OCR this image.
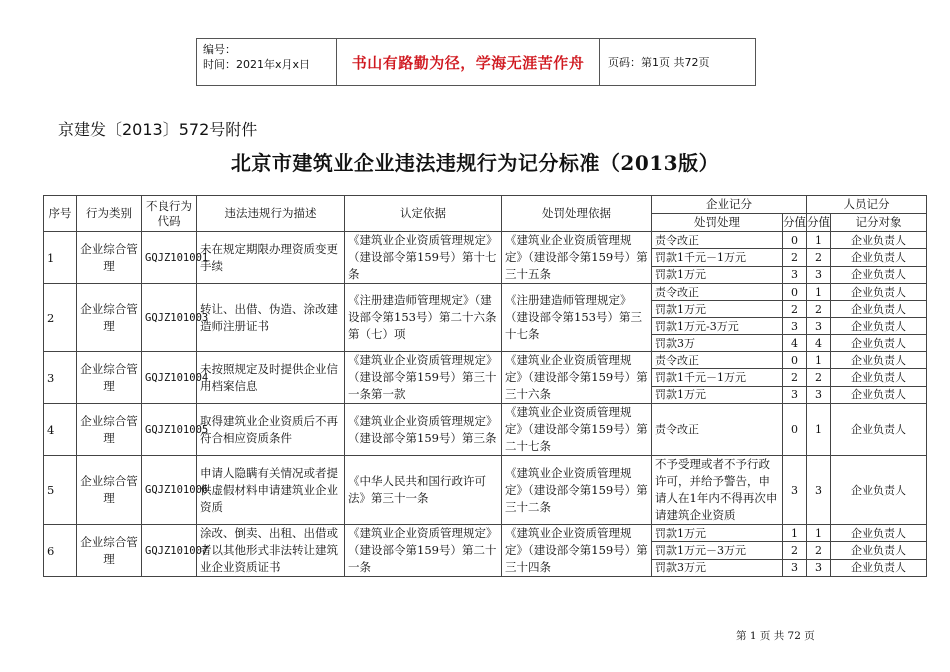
编号：
时间：2021年x月x日	书山有路勤为径，学海无涯苦作舟	页码：第1页 共72页
京建发〔2013〕572号附件
北京市建筑业企业违法违规行为记分标准（2013版）
序号	行为类别	不良行为代码	违法违规行为描述	认定依据	处罚处理依据	企业记分		人员记分	
						处罚处理	分值	分值	记分对象
1	企业综合管理	GQJZ101001	未在规定期限办理资质变更手续	《建筑业企业资质管理规定》（建设部令第159号）第十七条	《建筑业企业资质管理规定》（建设部令第159号）第三十五条	责令改正	0	1	企业负责人
						罚款1千元－1万元	2	2	企业负责人
						罚款1万元	3	3	企业负责人
2	企业综合管理	GQJZ101003	转让、出借、伪造、涂改建造师注册证书	《注册建造师管理规定》（建设部令第153号）第二十六条第（七）项	《注册建造师管理规定》（建设部令第153号）第三十七条	责令改正	0	1	企业负责人
						罚款1万元	2	2	企业负责人
						罚款1万元-3万元	3	3	企业负责人
						罚款3万	4	4	企业负责人
3	企业综合管理	GQJZ101004	未按照规定及时提供企业信用档案信息	《建筑业企业资质管理规定》（建设部令第159号）第三十一条第一款	《建筑业企业资质管理规定》（建设部令第159号）第三十六条	责令改正	0	1	企业负责人
						罚款1千元－1万元	2	2	企业负责人
						罚款1万元	3	3	企业负责人
4	企业综合管理	GQJZ101005	取得建筑业企业资质后不再符合相应资质条件	《建筑业企业资质管理规定》（建设部令第159号）第三条	《建筑业企业资质管理规定》（建设部令第159号）第二十七条	责令改正	0	1	企业负责人
5	企业综合管理	GQJZ101006	申请人隐瞒有关情况或者提供虚假材料申请建筑业企业资质	《中华人民共和国行政许可法》第三十一条	《建筑业企业资质管理规定》（建设部令第159号）第三十二条	不予受理或者不予行政许可，并给予警告，申请人在1年内不得再次申请建筑企业资质	3	3	企业负责人
6	企业综合管理	GQJZ101007	涂改、倒卖、出租、出借或者以其他形式非法转让建筑业企业资质证书	《建筑业企业资质管理规定》（建设部令第159号）第二十一条	《建筑业企业资质管理规定》（建设部令第159号）第三十四条	罚款1万元	1	1	企业负责人
						罚款1万元－3万元	2	2	企业负责人
						罚款3万元	3	3	企业负责人
第 1 页 共 72 页
